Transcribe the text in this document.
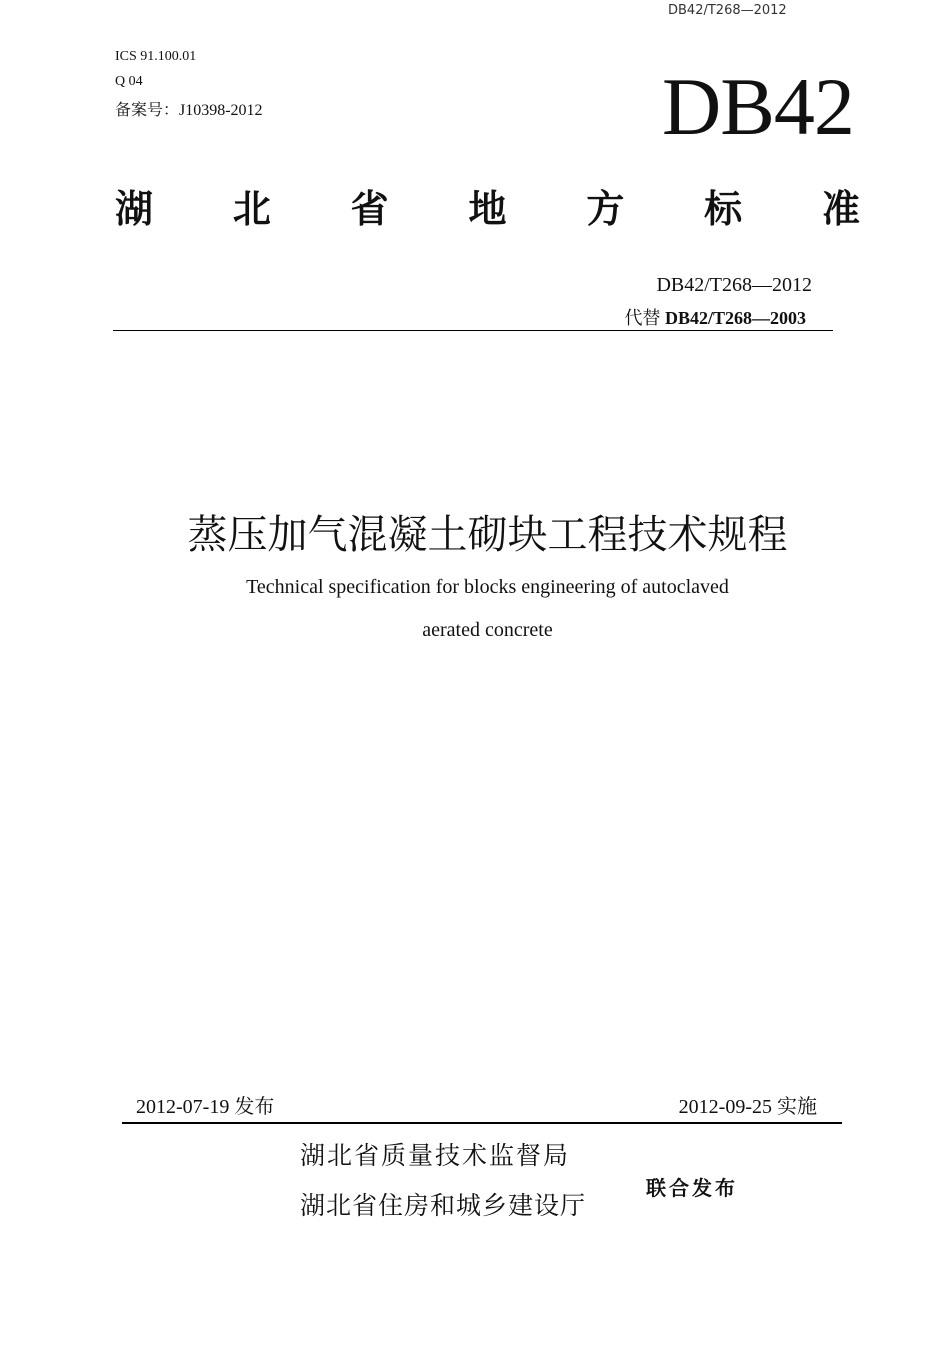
DB42/T268—2012
ICS 91.100.01
Q 04
备案号：J10398-2012	DB42
湖 北 省 地 方 标 准
DB42/T268—2012
代替 DB42/T268—2003
蒸压加气混凝土砌块工程技术规程
Technical specification for blocks engineering of autoclaved
aerated concrete
2012-07-19 发布	2012-09-25 实施
湖北省质量技术监督局
湖北省住房和城乡建设厅
联合发布
